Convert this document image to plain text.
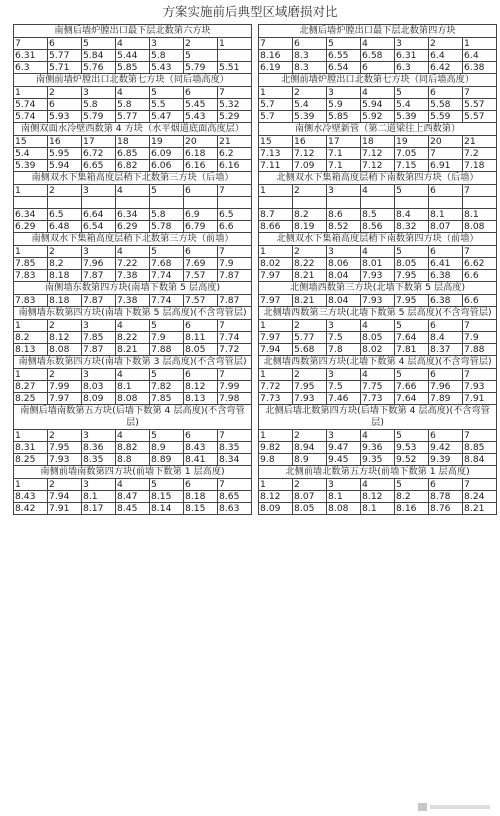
方案实施前后典型区域磨损对比
南侧后墙炉膛出口最下层北数第六方块								北侧后墙炉膛出口最下层北数第四方块						
7	6	5	4	3	2	1		7	6	5	4	3	2	1
6.31	5.77	5.84	5.44	5.8	5			8.16	8.3	6.55	6.58	6.31	6.4	6.4
6.3	5.71	5.76	5.85	5.43	5.79	5.51		6.19	8.3	6.54	6	6.3	6.42	6.38
南侧前墙炉膛出口北数第七方块（同后墙高度）								北侧前墙炉膛出口北数第七方块（同后墙高度）						
1	2	3	4	5	6	7		1	2	3	4	5	6	7
5.74	6	5.8	5.8	5.5	5.45	5.32		5.7	5.4	5.9	5.94	5.4	5.58	5.57
5.74	5.93	5.79	5.77	5.47	5.43	5.29		5.7	5.39	5.85	5.92	5.39	5.59	5.57
南侧双面水冷壁西数第 4 方块（水平烟道底面高度层）								南侧水冷壁新管（第二道梁往上西数第）						
15	16	17	18	19	20	21		15	16	17	18	19	20	21
5.4	5.95	6.72	6.85	6.09	6.18	6.2		7.13	7.12	7.1	7.12	7.05	7	7.2
5.39	5.94	6.65	6.82	6.06	6.16	6.16		7.11	7.09	7.1	7.12	7.15	6.91	7.18
南侧双水下集箱高度层稍下北数第三方块（后墙）								北侧双水下集箱高度层稍下南数第四方块（后墙）						
1	2	3	4	5	6	7		1	2	3	4	5	6	7

6.34	6.5	6.64	6.34	5.8	6.9	6.5		8.7	8.2	8.6	8.5	8.4	8.1	8.1
6.29	6.48	6.54	6.29	5.78	6.79	6.6		8.66	8.19	8.52	8.56	8.32	8.07	8.08
南侧双水下集箱高度层稍下北数第三方块（前墙）								北侧双水下集箱高度层稍下南数第四方块（前墙）						
1	2	3	4	5	6	7		1	2	3	4	5	6	7
7.85	8.2	7.96	7.22	7.68	7.69	7.9		8.02	8.22	8.06	8.01	8.05	6.41	6.62
7.83	8.18	7.87	7.38	7.74	7.57	7.87		7.97	8.21	8.04	7.93	7.95	6.38	6.6
南侧墙东数第四方块(南墙下数第 5 层高度)								北侧墙西数第三方块(北墙下数第 5 层高度)						
7.83	8.18	7.87	7.38	7.74	7.57	7.87		7.97	8.21	8.04	7.93	7.95	6.38	6.6
南侧墙东数第四方块(南墙下数第 5 层高度)(不含弯管层)								北侧墙西数第三方块(北墙下数第 5 层高度)(不含弯管层)						
1	2	3	4	5	6	7		1	2	3	4	5	6	7
8.2	8.12	7.85	8.22	7.9	8.11	7.74		7.97	5.77	7.5	8.05	7.64	8.4	7.9
8.13	8.08	7.87	8.21	7.88	8.05	7.72		7.94	5.68	7.8	8.02	7.81	8.37	7.88
南侧墙东数第四方块(南墙下数第 3 层高度)(不含弯管层)								北侧墙西数第四方块(北墙下数第 4 层高度)(不含弯管层)						
1	2	3	4	5	6	7		1	2	3	4	5	6	7
8.27	7.99	8.03	8.1	7.82	8.12	7.99		7.72	7.95	7.5	7.75	7.66	7.96	7.93
8.25	7.97	8.09	8.08	7.85	8.13	7.98		7.73	7.93	7.46	7.73	7.64	7.89	7.91
南侧后墙南数第五方块(后墙下数第 4 层高度)(不含弯管层)								北侧后墙北数第四方块(后墙下数第 4 层高度)(不含弯管层)						
1	2	3	4	5	6	7		1	2	3	4	5	6	7
8.31	7.95	8.36	8.82	8.9	8.43	8.35		9.82	8.94	9.47	9.36	9.53	9.42	8.85
8.25	7.93	8.35	8.8	8.89	8.41	8.34		9.8	8.9	9.45	9.35	9.52	9.39	8.84
南侧前墙南数第四方块(前墙下数第 1 层高度)								北侧前墙北数第五方块(前墙下数第 1 层高度)						
1	2	3	4	5	6	7		1	2	3	4	5	6	7
8.43	7.94	8.1	8.47	8.15	8.18	8.65		8.12	8.07	8.1	8.12	8.2	8.78	8.24
8.42	7.91	8.17	8.45	8.14	8.15	8.63		8.09	8.05	8.08	8.1	8.16	8.76	8.21
